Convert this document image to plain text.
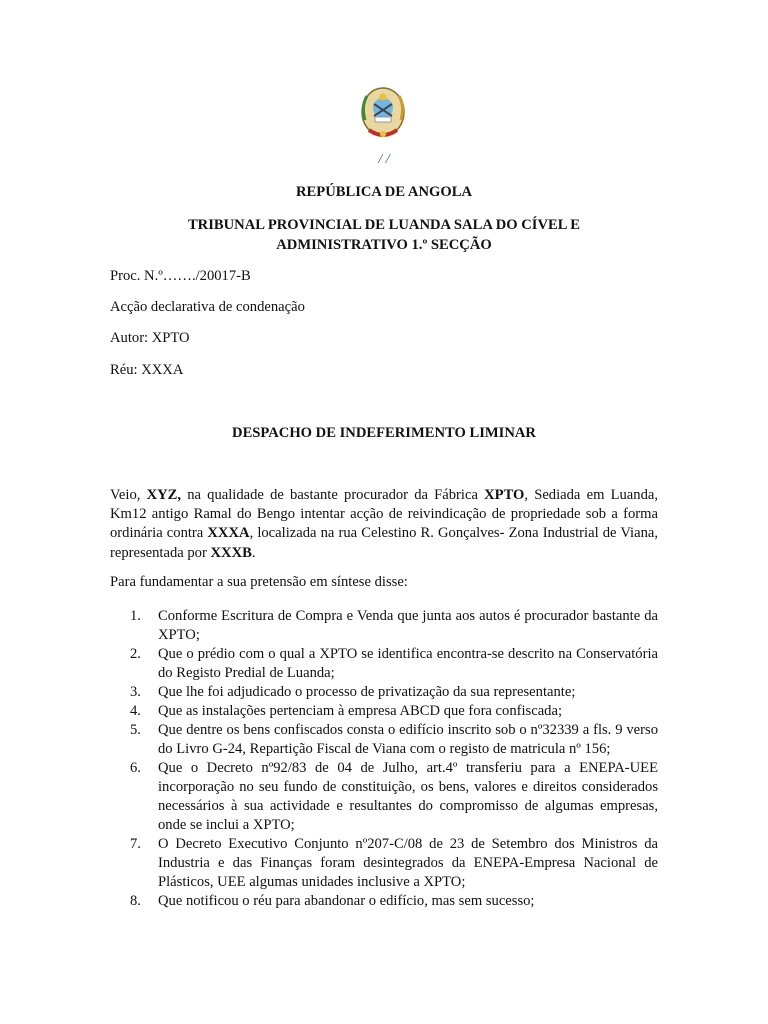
/ /
REPÚBLICA DE ANGOLA
TRIBUNAL PROVINCIAL DE LUANDA SALA DO CÍVEL E
ADMINISTRATIVO 1.º SECÇÃO
Proc. N.º……./20017-B
Acção declarativa de condenação
Autor: XPTO
Réu: XXXA
DESPACHO DE INDEFERIMENTO LIMINAR
Veio, XYZ, na qualidade de bastante procurador da Fábrica XPTO, Sediada em Luanda, Km12 antigo Ramal do Bengo intentar acção de reivindicação de propriedade sob a forma ordinária contra XXXA, localizada na rua Celestino R. Gonçalves- Zona Industrial de Viana, representada por XXXB.
Para fundamentar a sua pretensão em síntese disse:
1.	Conforme Escritura de Compra e Venda que junta aos autos é procurador bastante da XPTO;
2.	Que o prédio com o qual a XPTO se identifica encontra-se descrito na Conservatória do Registo Predial de Luanda;
3.	Que lhe foi adjudicado o processo de privatização da sua representante;
4.	Que as instalações pertenciam à empresa ABCD que fora confiscada;
5.	Que dentre os bens confiscados consta o edifício inscrito sob o nº32339 a fls. 9 verso do Livro G-24, Repartição Fiscal de Viana com o registo de matricula nº 156;
6.	Que o Decreto nº92/83 de 04 de Julho, art.4º transferiu para a ENEPA-UEE incorporação no seu fundo de constituição, os bens, valores e direitos considerados necessários à sua actividade e resultantes do compromisso de algumas empresas, onde se inclui a XPTO;
7.	O Decreto Executivo Conjunto nº207-C/08 de 23 de Setembro dos Ministros da Industria e das Finanças foram desintegrados da ENEPA-Empresa Nacional de Plásticos, UEE algumas unidades inclusive a XPTO;
8.	Que notificou o réu para abandonar o edifício, mas sem sucesso;
